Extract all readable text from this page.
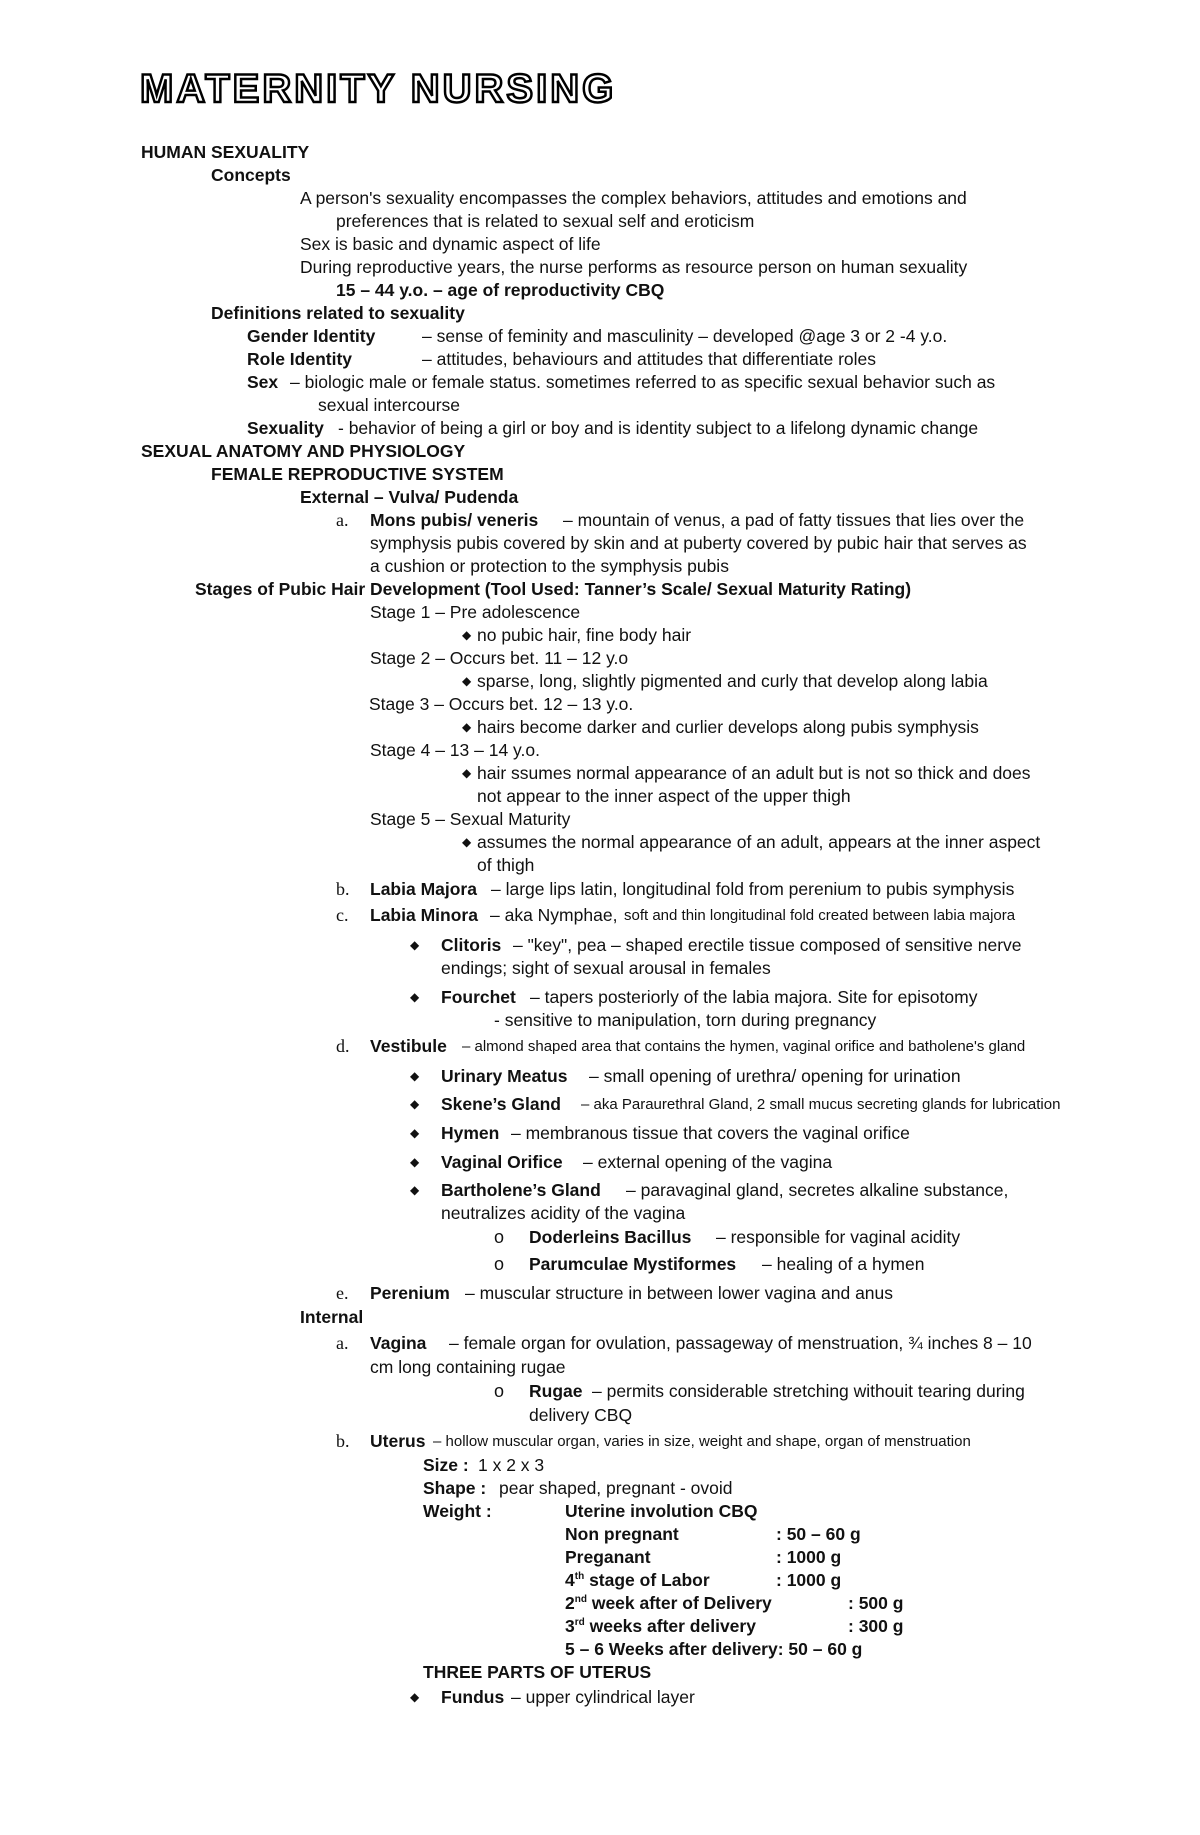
MATERNITY NURSING
HUMAN SEXUALITY
Concepts
A person's sexuality encompasses the complex behaviors, attitudes and emotions and
preferences that is related to sexual self and eroticism
Sex is basic and dynamic aspect of life
During reproductive years, the nurse performs as resource person on human sexuality
15 – 44 y.o. – age of reproductivity CBQ
Definitions related to sexuality
Gender Identity	– sense of feminity and masculinity – developed @age 3 or 2 -4 y.o.
Role Identity	– attitudes, behaviours and attitudes that differentiate roles
Sex – biologic male or female status. sometimes referred to as specific sexual behavior such as
sexual intercourse
Sexuality - behavior of being a girl or boy and is identity subject to a lifelong dynamic change
SEXUAL ANATOMY AND PHYSIOLOGY
FEMALE REPRODUCTIVE SYSTEM
External – Vulva/ Pudenda
a. Mons pubis/ veneris – mountain of venus, a pad of fatty tissues that lies over the
symphysis pubis covered by skin and at puberty covered by pubic hair that serves as
a cushion or protection to the symphysis pubis
Stages of Pubic Hair Development (Tool Used: Tanner’s Scale/ Sexual Maturity Rating)
Stage 1 – Pre adolescence
◆ no pubic hair, fine body hair
Stage 2 – Occurs bet. 11 – 12 y.o
◆ sparse, long, slightly pigmented and curly that develop along labia
Stage 3 – Occurs bet. 12 – 13 y.o.
◆ hairs become darker and curlier develops along pubis symphysis
Stage 4 – 13 – 14 y.o.
◆ hair ssumes normal appearance of an adult but is not so thick and does
not appear to the inner aspect of the upper thigh
Stage 5 – Sexual Maturity
◆ assumes the normal appearance of an adult, appears at the inner aspect
of thigh
b. Labia Majora – large lips latin, longitudinal fold from perenium to pubis symphysis
c. Labia Minora – aka Nymphae, soft and thin longitudinal fold created between labia majora
◆ Clitoris – "key", pea – shaped erectile tissue composed of sensitive nerve
endings; sight of sexual arousal in females
◆ Fourchet – tapers posteriorly of the labia majora. Site for episotomy
- sensitive to manipulation, torn during pregnancy
d. Vestibule – almond shaped area that contains the hymen, vaginal orifice and batholene's gland
◆ Urinary Meatus – small opening of urethra/ opening for urination
◆ Skene’s Gland – aka Paraurethral Gland, 2 small mucus secreting glands for lubrication
◆ Hymen – membranous tissue that covers the vaginal orifice
◆ Vaginal Orifice – external opening of the vagina
◆ Bartholene’s Gland – paravaginal gland, secretes alkaline substance,
neutralizes acidity of the vagina
o Doderleins Bacillus – responsible for vaginal acidity
o Parumculae Mystiformes – healing of a hymen
e. Perenium – muscular structure in between lower vagina and anus
Internal
a. Vagina – female organ for ovulation, passageway of menstruation, ¾ inches 8 – 10
cm long containing rugae
o Rugae – permits considerable stretching withouit tearing during
delivery CBQ
b. Uterus – hollow muscular organ, varies in size, weight and shape, organ of menstruation
Size : 1 x 2 x 3
Shape : pear shaped, pregnant - ovoid
Weight :	Uterine involution CBQ
Non pregnant	: 50 – 60 g
Preganant	: 1000 g
4th stage of Labor	: 1000 g
2nd week after of Delivery	: 500 g
3rd weeks after delivery	: 300 g
5 – 6 Weeks after delivery: 50 – 60 g
THREE PARTS OF UTERUS
◆ Fundus – upper cylindrical layer
